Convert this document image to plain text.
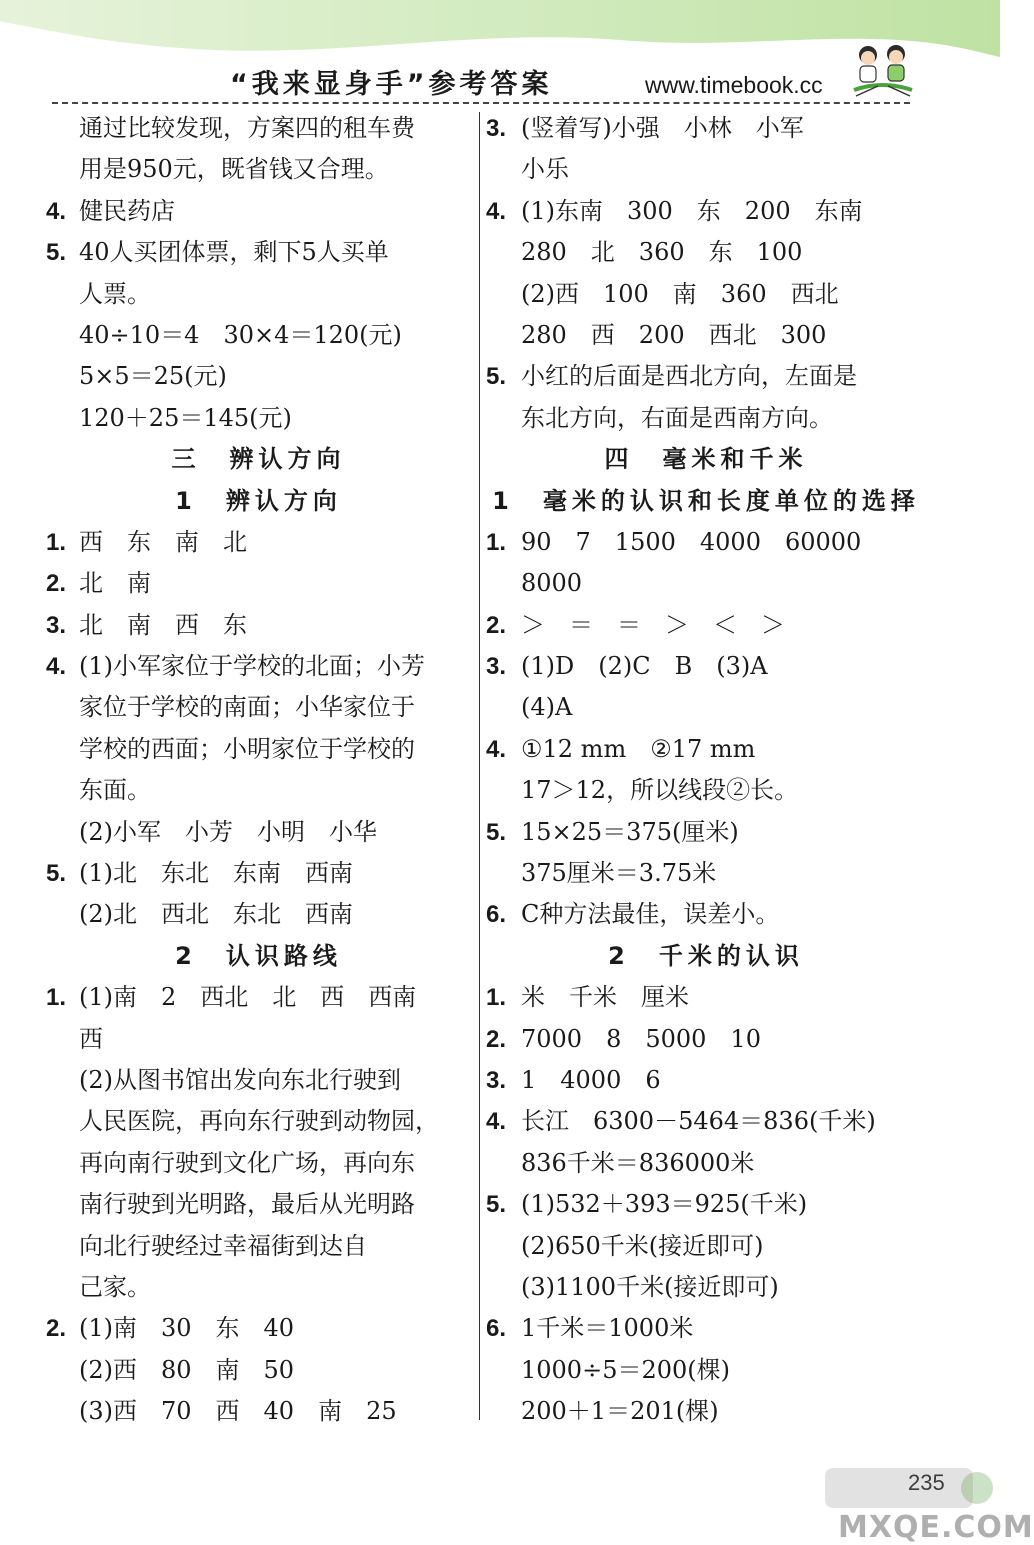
“我来显身手”参考答案	www.timebook.cc
通过比较发现，方案四的租车费
用是950元，既省钱又合理。
4. 健民药店
5. 40人买团体票，剩下5人买单
人票。
40÷10＝4　30×4＝120(元)
5×5＝25(元)
120＋25＝145(元)
三　辨认方向
1　辨认方向
1. 西　东　南　北
2. 北　南
3. 北　南　西　东
4. (1)小军家位于学校的北面；小芳
家位于学校的南面；小华家位于
学校的西面；小明家位于学校的
东面。
(2)小军　小芳　小明　小华
5. (1)北　东北　东南　西南
(2)北　西北　东北　西南
2　认识路线
1. (1)南　2　西北　北　西　西南
西
(2)从图书馆出发向东北行驶到
人民医院，再向东行驶到动物园，
再向南行驶到文化广场，再向东
南行驶到光明路，最后从光明路
向北行驶经过幸福街到达自
己家。
2. (1)南　30　东　40
(2)西　80　南　50
(3)西　70　西　40　南　25
3. (竖着写)小强　小林　小军
小乐
4. (1)东南　300　东　200　东南
280　北　360　东　100
(2)西　100　南　360　西北
280　西　200　西北　300
5. 小红的后面是西北方向，左面是
东北方向，右面是西南方向。
四　毫米和千米
1　毫米的认识和长度单位的选择
1. 90　7　1500　4000　60000
8000
2. ＞　＝　＝　＞　＜　＞
3. (1)D　(2)C　B　(3)A
(4)A
4. ①12 mm　②17 mm
17＞12，所以线段②长。
5. 15×25＝375(厘米)
375厘米＝3.75米
6. C种方法最佳，误差小。
2　千米的认识
1. 米　千米　厘米
2. 7000　8　5000　10
3. 1　4000　6
4. 长江　6300－5464＝836(千米)
836千米＝836000米
5. (1)532＋393＝925(千米)
(2)650千米(接近即可)
(3)1100千米(接近即可)
6. 1千米＝1000米
1000÷5＝200(棵)
200＋1＝201(棵)
MXQE.COM
